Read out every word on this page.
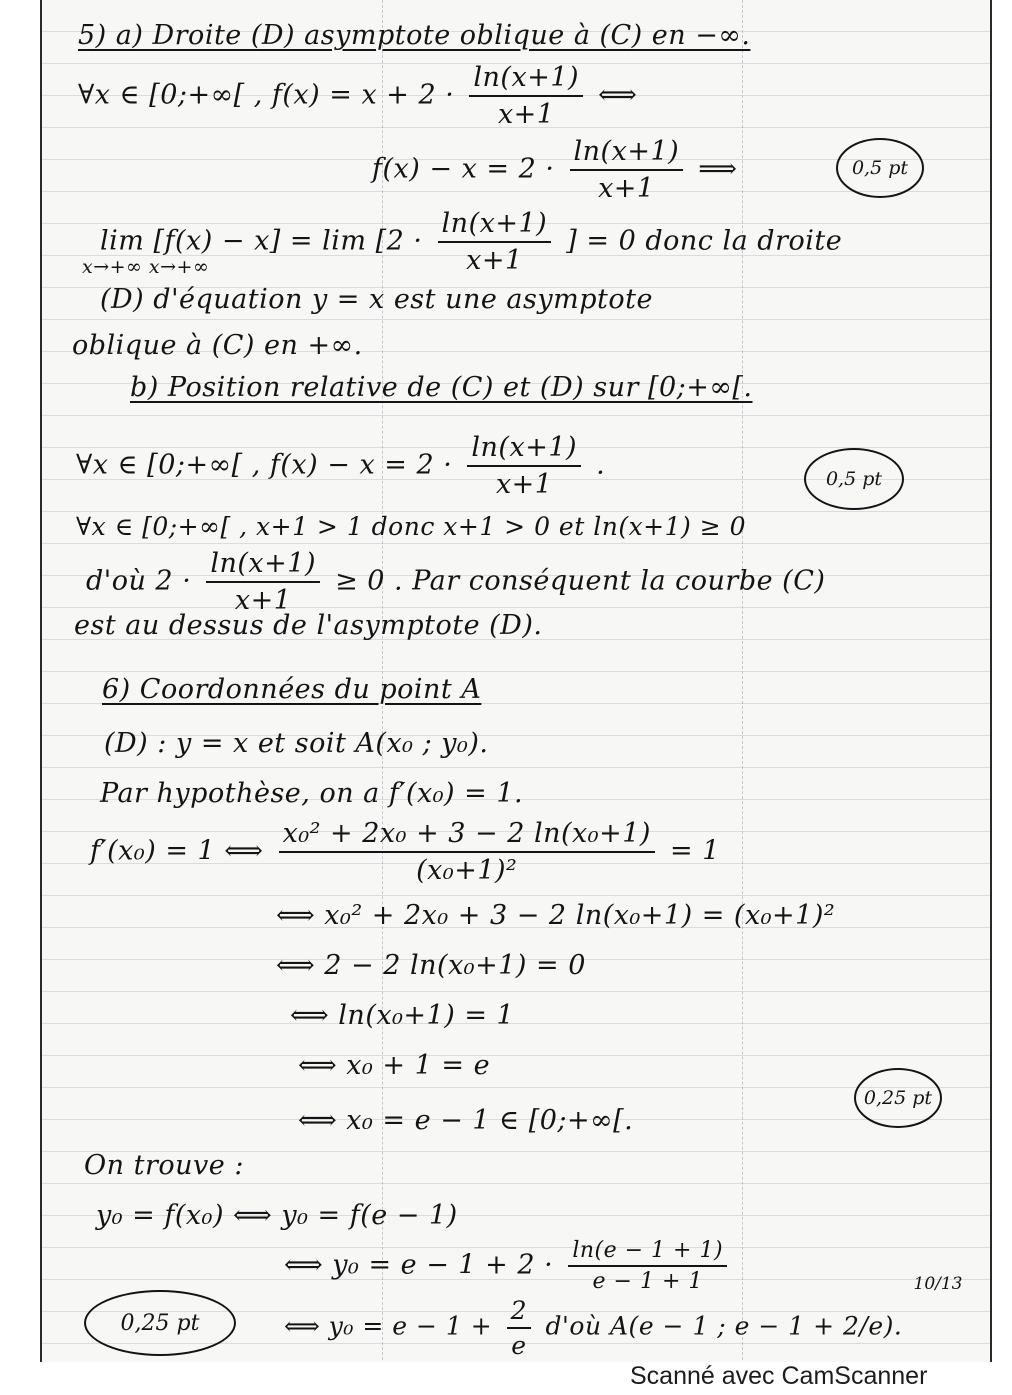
5) a) Droite (D) asymptote oblique à (C) en −∞.
∀x ∈ [0;+∞[ , $f(x) = x + 2 \cdot \frac{\ln(x+1)}{x+1}$ ⟺
$f(x) - x = 2 \cdot \frac{\ln(x+1)}{x+1}$ ⟹	0,5 pt
$\lim [f(x) - x] = \lim [2 \cdot \frac{\ln(x+1)}{x+1}$ ] = 0 donc la droite
x→+∞ x→+∞
(D) d'équation y = x est une asymptote
oblique à (C) en +∞.
b) Position relative de (C) et (D) sur [0;+∞[.
∀x ∈ [0;+∞[ , $f(x) - x = 2 \cdot \frac{\ln(x+1)}{x+1}$ .	0,5 pt
∀x ∈ [0;+∞[ , x+1 > 1 donc x+1 > 0 et ln(x+1) ≥ 0
d'où $2 \cdot \frac{\ln(x+1)}{x+1} \ge 0$ . Par conséquent la courbe (C)
est au dessus de l'asymptote (D).
6) Coordonnées du point A
(D) : y = x et soit A(x₀ ; y₀).
Par hypothèse, on a f′(x₀) = 1.
f′(x₀) = 1 ⟺ $\frac{\text{x₀² + 2x₀ + 3 − 2 ln(x₀+1)}}{\text{(x₀+1)²}} = 1$
⟺ x₀² + 2x₀ + 3 − 2 ln(x₀+1) = (x₀+1)²
⟺ 2 − 2 ln(x₀+1) = 0
⟺ ln(x₀+1) = 1
⟺ x₀ + 1 = e
⟺ x₀ = e − 1 ∈ [0;+∞[.
0,25 pt
On trouve :
y₀ = f(x₀) ⟺ y₀ = f(e − 1)
⟺ $y_0 = e - 1 + 2 \cdot \frac{\ln(e - 1 + 1)}{e - 1 + 1}$
0,25 pt	⟺ $y_0 = e - 1 + \frac{2}{e}$ d'où A(e − 1 ; e − 1 + 2/e).
10/13
Scanné avec CamScanner
